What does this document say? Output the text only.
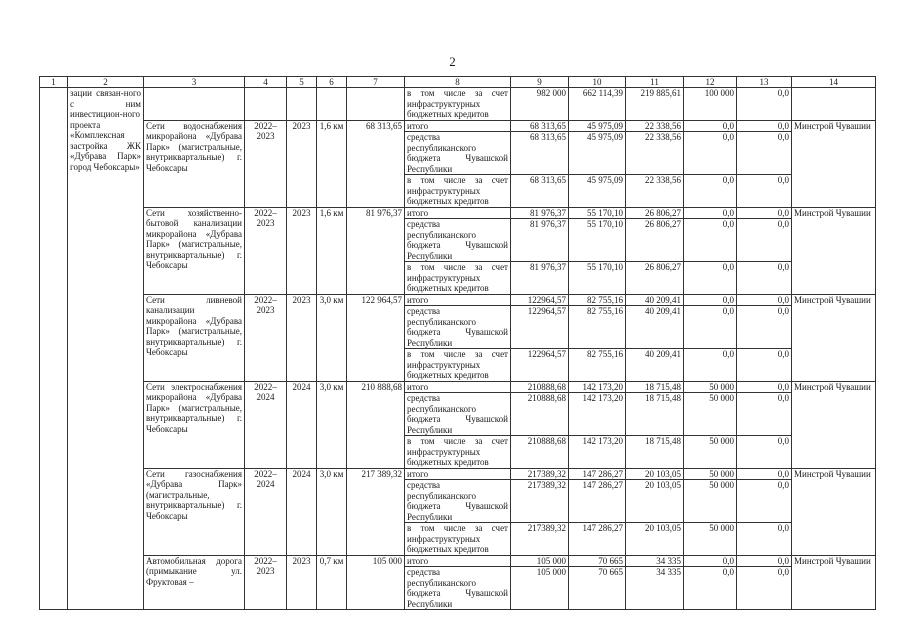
2
1	2	3	4	5	6	7	8	9	10	11	12	13	14
	зации связан-ного с ним инвестицион-ного проекта «Комплексная застройка ЖК «Дубрава Парк» город Чебоксары»						в том числе за счет инфраструктурных бюджетных кредитов	982 000	662 114,39	219 885,61	100 000	0,0	
		Сети водоснабжения микрорайона «Дубрава Парк» (магистральные, внутриквартальные) г. Чебоксары	2022–2023	2023	1,6 км	68 313,65	итого	68 313,65	45 975,09	22 338,56	0,0	0,0	Минстрой Чувашии
							средства республиканского бюджета Чувашской Республики	68 313,65	45 975,09	22 338,56	0,0	0,0	
							в том числе за счет инфраструктурных бюджетных кредитов	68 313,65	45 975,09	22 338,56	0,0	0,0	
		Сети хозяйственно-бытовой канализации микрорайона «Дубрава Парк» (магистральные, внутриквартальные) г. Чебоксары	2022–2023	2023	1,6 км	81 976,37	итого	81 976,37	55 170,10	26 806,27	0,0	0,0	Минстрой Чувашии
							средства республиканского бюджета Чувашской Республики	81 976,37	55 170,10	26 806,27	0,0	0,0	
							в том числе за счет инфраструктурных бюджетных кредитов	81 976,37	55 170,10	26 806,27	0,0	0,0	
		Сети ливневой канализации микрорайона «Дубрава Парк» (магистральные, внутриквартальные) г. Чебоксары	2022–2023	2023	3,0 км	122 964,57	итого	122964,57	82 755,16	40 209,41	0,0	0,0	Минстрой Чувашии
							средства республиканского бюджета Чувашской Республики	122964,57	82 755,16	40 209,41	0,0	0,0	
							в том числе за счет инфраструктурных бюджетных кредитов	122964,57	82 755,16	40 209,41	0,0	0,0	
		Сети электроснабжения микрорайона «Дубрава Парк» (магистральные, внутриквартальные) г. Чебоксары	2022–2024	2024	3,0 км	210 888,68	итого	210888,68	142 173,20	18 715,48	50 000	0,0	Минстрой Чувашии
							средства республиканского бюджета Чувашской Республики	210888,68	142 173,20	18 715,48	50 000	0,0	
							в том числе за счет инфраструктурных бюджетных кредитов	210888,68	142 173,20	18 715,48	50 000	0,0	
		Сети газоснабжения «Дубрава Парк» (магистральные, внутриквартальные) г. Чебоксары	2022–2024	2024	3,0 км	217 389,32	итого	217389,32	147 286,27	20 103,05	50 000	0,0	Минстрой Чувашии
							средства республиканского бюджета Чувашской Республики	217389,32	147 286,27	20 103,05	50 000	0,0	
							в том числе за счет инфраструктурных бюджетных кредитов	217389,32	147 286,27	20 103,05	50 000	0,0	
		Автомобильная дорога (примыкание ул. Фруктовая –	2022–2023	2023	0,7 км	105 000	итого	105 000	70 665	34 335	0,0	0,0	Минстрой Чувашии
							средства республиканского бюджета Чувашской Республики	105 000	70 665	34 335	0,0	0,0	
